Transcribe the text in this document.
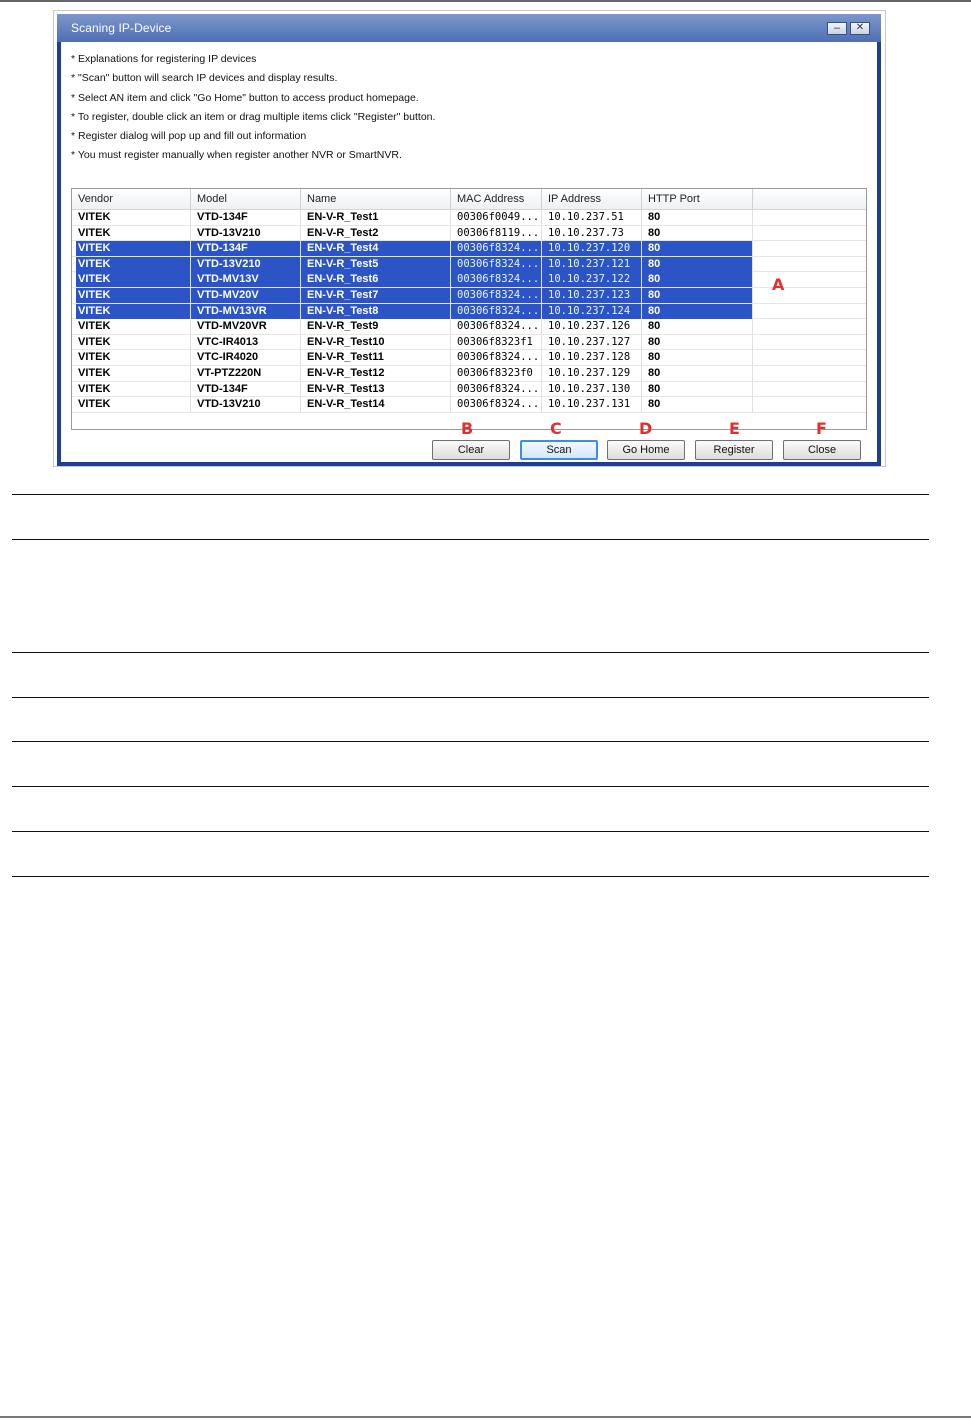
Scaning IP-Device	–	✕
* Explanations for registering IP devices
* "Scan" button will search IP devices and display results.
* Select AN item and click "Go Home" button to access product homepage.
* To register, double click an item or drag multiple items click "Register" button.
* Register dialog will pop up and fill out information
* You must register manually when register another NVR or SmartNVR.
Vendor	Model	Name	MAC Address	IP Address	HTTP Port
VITEK	VTD-134F	EN-V-R_Test1	00306f0049... 10.10.237.51	80
VITEK	VTD-13V210	EN-V-R_Test2	00306f8119... 10.10.237.73	80
VITEK	VTD-134F	EN-V-R_Test4	00306f8324... 10.10.237.120	80
VITEK	VTD-13V210	EN-V-R_Test5	00306f8324... 10.10.237.121	80
VITEK	VTD-MV13V	EN-V-R_Test6	00306f8324... 10.10.237.122	80
VITEK	VTD-MV20V	EN-V-R_Test7	00306f8324... 10.10.237.123	80
VITEK	VTD-MV13VR	EN-V-R_Test8	00306f8324... 10.10.237.124	80
VITEK	VTD-MV20VR	EN-V-R_Test9	00306f8324... 10.10.237.126	80
VITEK	VTC-IR4013	EN-V-R_Test10	00306f8323f1	10.10.237.127	80
VITEK	VTC-IR4020	EN-V-R_Test11	00306f8324... 10.10.237.128	80
VITEK	VT-PTZ220N	EN-V-R_Test12	00306f8323f0	10.10.237.129	80
VITEK	VTD-134F	EN-V-R_Test13	00306f8324... 10.10.237.130	80
VITEK	VTD-13V210	EN-V-R_Test14	00306f8324... 10.10.237.131	80
A
B	C	D	E	F
Clear	Scan	Go Home	Register	Close
